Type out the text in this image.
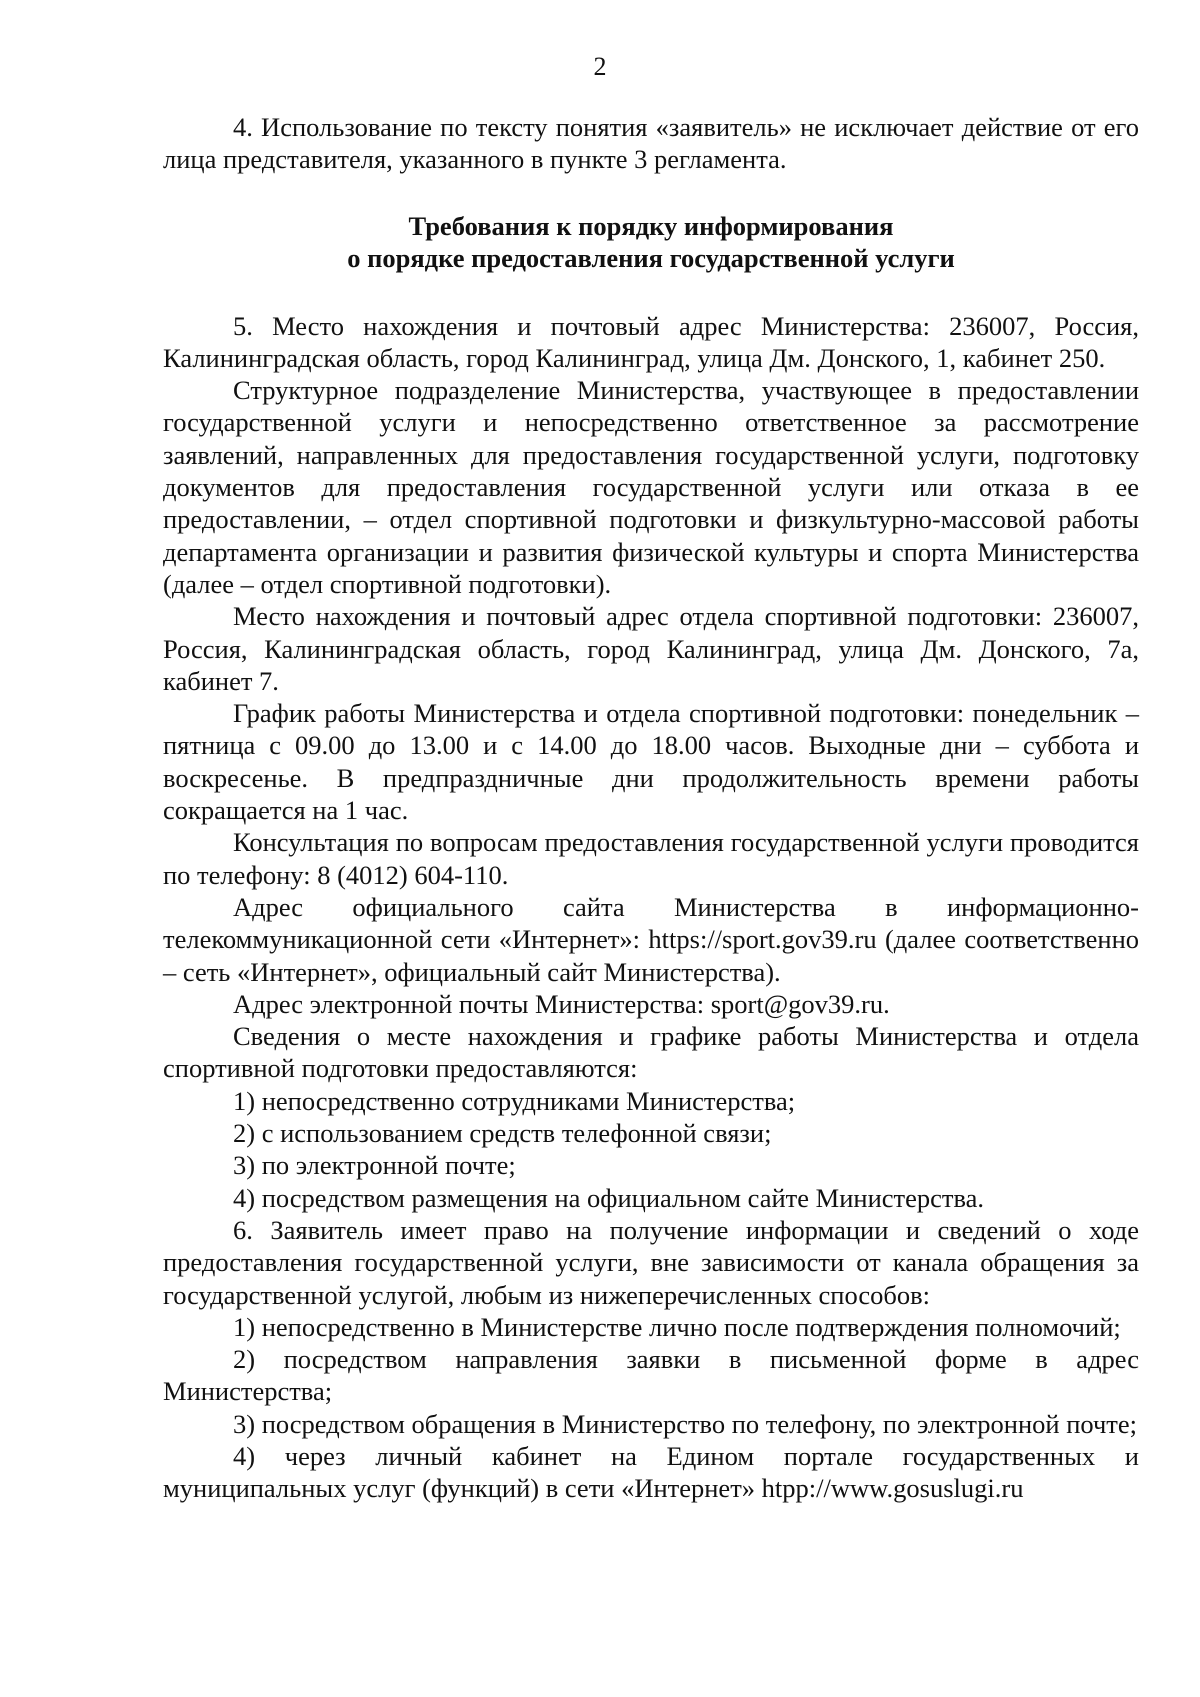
2

4. Использование по тексту понятия «заявитель» не исключает действие от его лица представителя, указанного в пункте 3 регламента.

Требования к порядку информирования
о порядке предоставления государственной услуги

5. Место нахождения и почтовый адрес Министерства: 236007, Россия, Калининградская область, город Калининград, улица Дм. Донского, 1, кабинет 250.

Структурное подразделение Министерства, участвующее в предоставлении государственной услуги и непосредственно ответственное за рассмотрение заявлений, направленных для предоставления государственной услуги, подготовку документов для предоставления государственной услуги или отказа в ее предоставлении, – отдел спортивной подготовки и физкультурно-массовой работы департамента организации и развития физической культуры и спорта Министерства (далее – отдел спортивной подготовки).

Место нахождения и почтовый адрес отдела спортивной подготовки: 236007, Россия, Калининградская область, город Калининград, улица Дм. Донского, 7а, кабинет 7.

График работы Министерства и отдела спортивной подготовки: понедельник – пятница с 09.00 до 13.00 и с 14.00 до 18.00 часов. Выходные дни – суббота и воскресенье. В предпраздничные дни продолжительность времени работы сокращается на 1 час.

Консультация по вопросам предоставления государственной услуги проводится по телефону: 8 (4012) 604-110.

Адрес официального сайта Министерства в информационно-телекоммуникационной сети «Интернет»: https://sport.gov39.ru (далее соответственно – сеть «Интернет», официальный сайт Министерства).

Адрес электронной почты Министерства: sport@gov39.ru.

Сведения о месте нахождения и графике работы Министерства и отдела спортивной подготовки предоставляются:

1) непосредственно сотрудниками Министерства;

2) с использованием средств телефонной связи;

3) по электронной почте;

4) посредством размещения на официальном сайте Министерства.

6. Заявитель имеет право на получение информации и сведений о ходе предоставления государственной услуги, вне зависимости от канала обращения за государственной услугой, любым из нижеперечисленных способов:

1) непосредственно в Министерстве лично после подтверждения полномочий;

2) посредством направления заявки в письменной форме в адрес Министерства;

3) посредством обращения в Министерство по телефону, по электронной почте;

4) через личный кабинет на Едином портале государственных и муниципальных услуг (функций) в сети «Интернет» htpp://www.gosuslugi.ru
